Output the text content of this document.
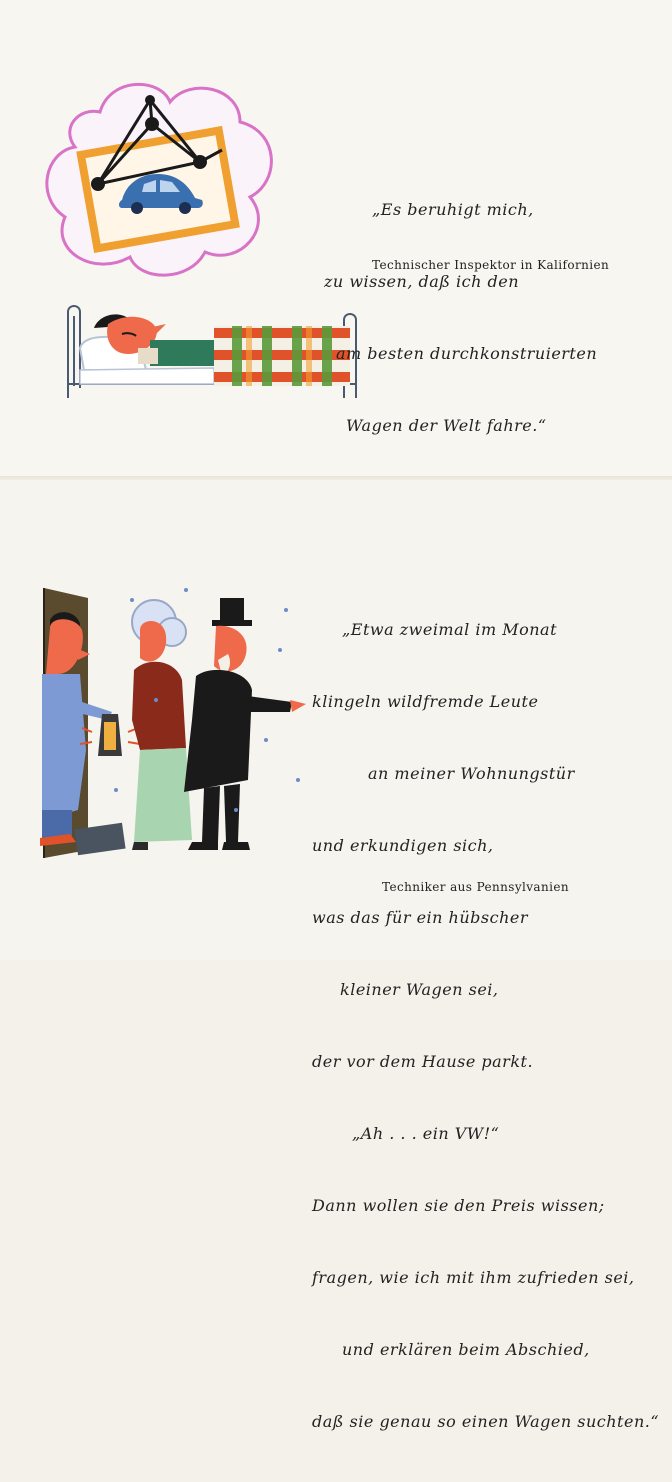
„Es beruhigt mich,

zu wissen, daß ich den

am besten durchkonstruierten

Wagen der Welt fahre.“

Technischer Inspektor in Kalifornien

„Etwa zweimal im Monat

klingeln wildfremde Leute

an meiner Wohnungstür

und erkundigen sich,

was das für ein hübscher

kleiner Wagen sei,

der vor dem Hause parkt.

„Ah . . . ein VW!“

Dann wollen sie den Preis wissen;

fragen, wie ich mit ihm zufrieden sei,

und erklären beim Abschied,

daß sie genau so einen Wagen suchten.“

Techniker aus Pennsylvanien
